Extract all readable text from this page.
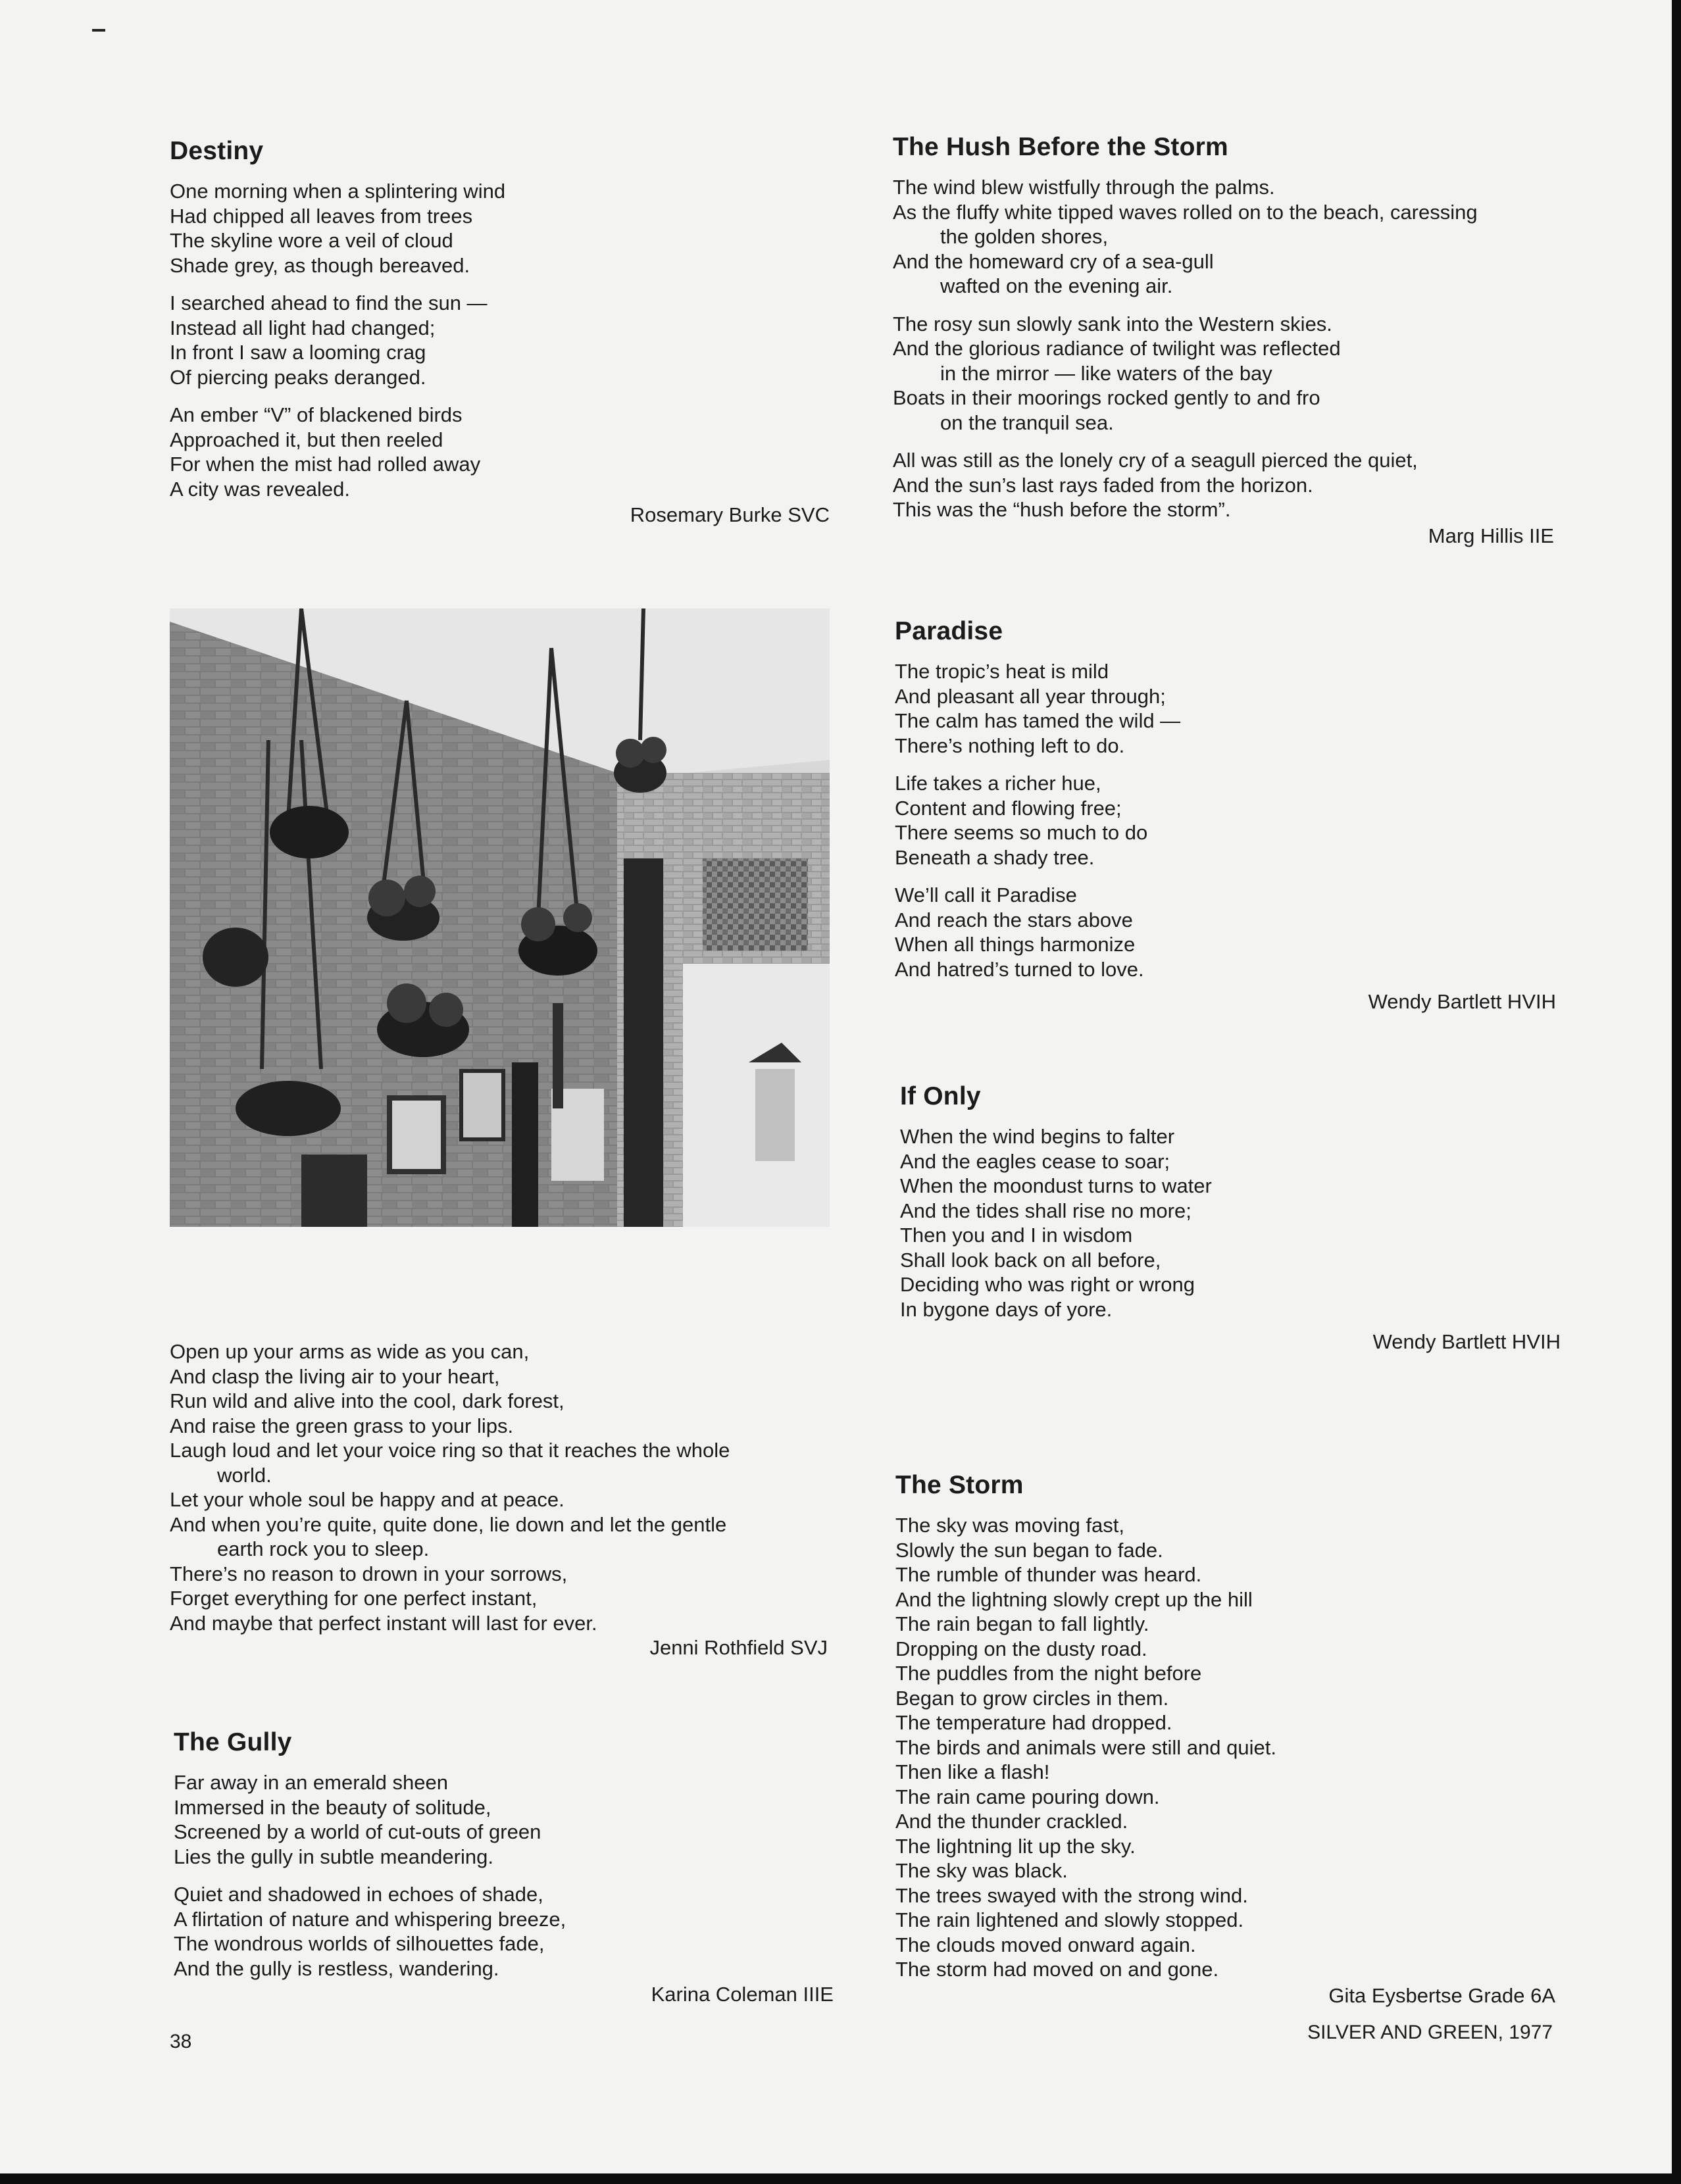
Destiny
One morning when a splintering wind
Had chipped all leaves from trees
The skyline wore a veil of cloud
Shade grey, as though bereaved.
I searched ahead to find the sun —
Instead all light had changed;
In front I saw a looming crag
Of piercing peaks deranged.
An ember “V” of blackened birds
Approached it, but then reeled
For when the mist had rolled away
A city was revealed.
Rosemary Burke SVC
The Hush Before the Storm
The wind blew wistfully through the palms.
As the fluffy white tipped waves rolled on to the beach, caressing
the golden shores,
And the homeward cry of a sea-gull
wafted on the evening air.
The rosy sun slowly sank into the Western skies.
And the glorious radiance of twilight was reflected
in the mirror — like waters of the bay
Boats in their moorings rocked gently to and fro
on the tranquil sea.
All was still as the lonely cry of a seagull pierced the quiet,
And the sun’s last rays faded from the horizon.
This was the “hush before the storm”.
Marg Hillis IIE
Paradise
The tropic’s heat is mild
And pleasant all year through;
The calm has tamed the wild —
There’s nothing left to do.
Life takes a richer hue,
Content and flowing free;
There seems so much to do
Beneath a shady tree.
We’ll call it Paradise
And reach the stars above
When all things harmonize
And hatred’s turned to love.
Wendy Bartlett HVIH
If Only
When the wind begins to falter
And the eagles cease to soar;
When the moondust turns to water
And the tides shall rise no more;
Then you and I in wisdom
Shall look back on all before,
Deciding who was right or wrong
In bygone days of yore.
Wendy Bartlett HVIH
Open up your arms as wide as you can,
And clasp the living air to your heart,
Run wild and alive into the cool, dark forest,
And raise the green grass to your lips.
Laugh loud and let your voice ring so that it reaches the whole
world.
Let your whole soul be happy and at peace.
And when you’re quite, quite done, lie down and let the gentle
earth rock you to sleep.
There’s no reason to drown in your sorrows,
Forget everything for one perfect instant,
And maybe that perfect instant will last for ever.
Jenni Rothfield SVJ
The Gully
Far away in an emerald sheen
Immersed in the beauty of solitude,
Screened by a world of cut-outs of green
Lies the gully in subtle meandering.
Quiet and shadowed in echoes of shade,
A flirtation of nature and whispering breeze,
The wondrous worlds of silhouettes fade,
And the gully is restless, wandering.
Karina Coleman IIIE
The Storm
The sky was moving fast,
Slowly the sun began to fade.
The rumble of thunder was heard.
And the lightning slowly crept up the hill
The rain began to fall lightly.
Dropping on the dusty road.
The puddles from the night before
Began to grow circles in them.
The temperature had dropped.
The birds and animals were still and quiet.
Then like a flash!
The rain came pouring down.
And the thunder crackled.
The lightning lit up the sky.
The sky was black.
The trees swayed with the strong wind.
The rain lightened and slowly stopped.
The clouds moved onward again.
The storm had moved on and gone.
Gita Eysbertse Grade 6A
38	SILVER AND GREEN, 1977
